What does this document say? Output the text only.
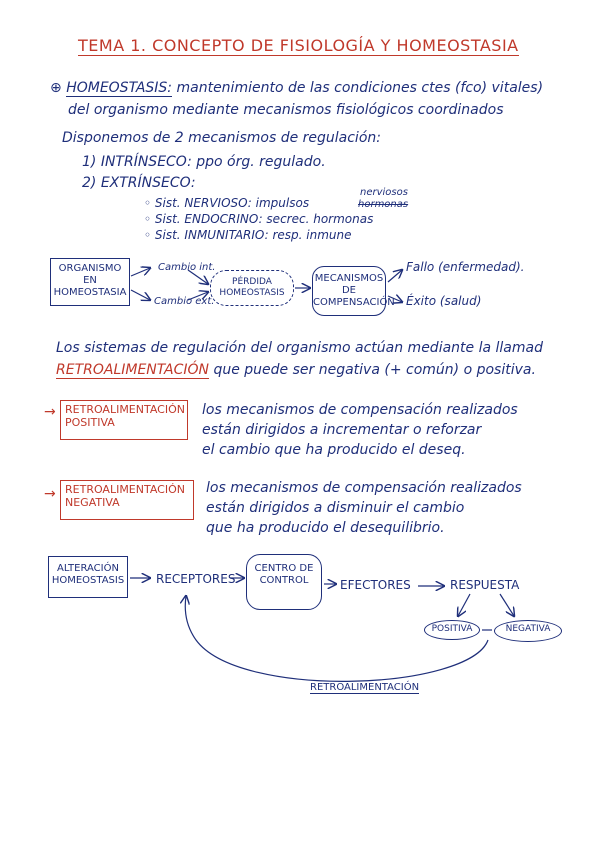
TEMA 1. CONCEPTO DE FISIOLOGÍA Y HOMEOSTASIA
⊕ HOMEOSTASIS: mantenimiento de las condiciones ctes (fco) vitales)
del organismo mediante mecanismos fisiológicos coordinados
Disponemos de 2 mecanismos de regulación:
1) INTRÍNSECO: ppo órg. regulado.
2) EXTRÍNSECO:
◦ Sist. NERVIOSO: impulsos
nerviosos
hormonas
◦ Sist. ENDOCRINO: secrec. hormonas
◦ Sist. INMUNITARIO: resp. inmune
ORGANISMO EN HOMEOSTASIA
Cambio int.
Cambio ext.
PÉRDIDA HOMEOSTASIS
MECANISMOS DE COMPENSACIÓN
Fallo (enfermedad).
Éxito (salud)
Los sistemas de regulación del organismo actúan mediante la llamad
RETROALIMENTACIÓN que puede ser negativa (+ común) o positiva.
→ RETROALIMENTACIÓN POSITIVA
los mecanismos de compensación realizados
están dirigidos a incrementar o reforzar
el cambio que ha producido el deseq.
→ RETROALIMENTACIÓN NEGATIVA
los mecanismos de compensación realizados
están dirigidos a disminuir el cambio
que ha producido el desequilibrio.
ALTERACIÓN HOMEOSTASIS	RECEPTORES
CENTRO DE CONTROL	EFECTORES	RESPUESTA
POSITIVA	NEGATIVA
RETROALIMENTACIÓN
